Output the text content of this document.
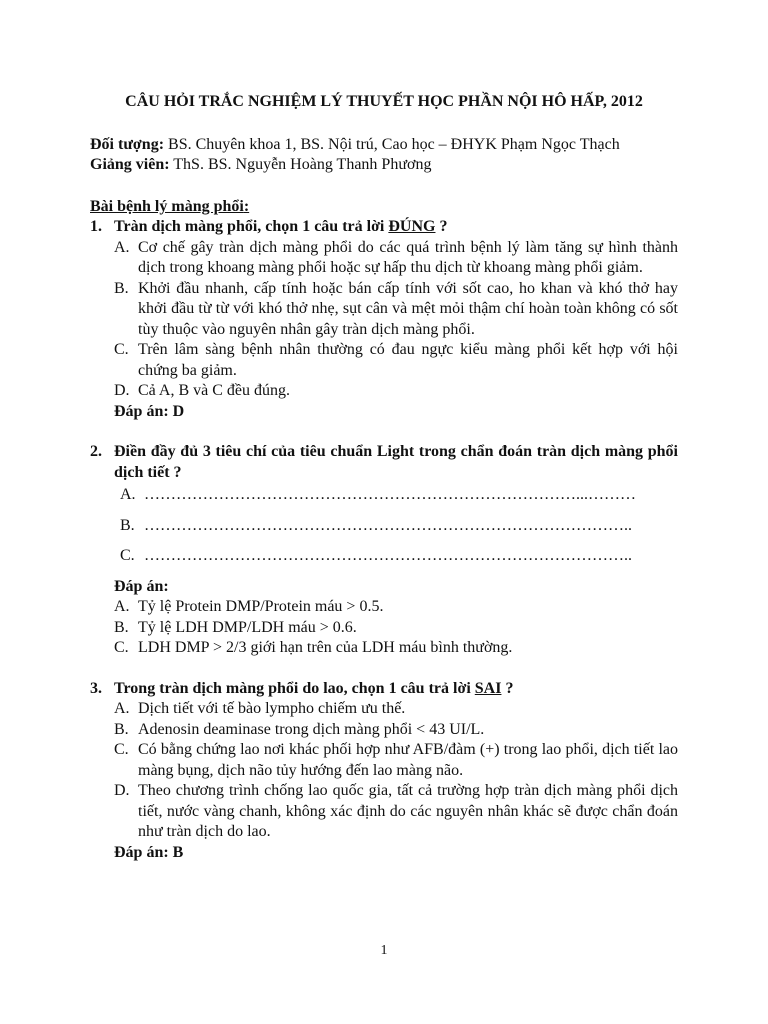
CÂU HỎI TRẮC NGHIỆM LÝ THUYẾT HỌC PHẦN NỘI HÔ HẤP, 2012

Đối tượng: BS. Chuyên khoa 1, BS. Nội trú, Cao học – ĐHYK Phạm Ngọc Thạch

Giảng viên: ThS. BS. Nguyễn Hoàng Thanh Phương

Bài bệnh lý màng phổi:
1. Tràn dịch màng phổi, chọn 1 câu trả lời ĐÚNG ?
A. Cơ chế gây tràn dịch màng phổi do các quá trình bệnh lý làm tăng sự hình thành dịch trong khoang màng phổi hoặc sự hấp thu dịch từ khoang màng phổi giảm.
B. Khởi đầu nhanh, cấp tính hoặc bán cấp tính với sốt cao, ho khan và khó thở hay khởi đầu từ từ với khó thở nhẹ, sụt cân và mệt mỏi thậm chí hoàn toàn không có sốt tùy thuộc vào nguyên nhân gây tràn dịch màng phổi.
C. Trên lâm sàng bệnh nhân thường có đau ngực kiểu màng phổi kết hợp với hội chứng ba giảm.
D. Cả A, B và C đều đúng.
Đáp án: D
2. Điền đầy đủ 3 tiêu chí của tiêu chuẩn Light trong chẩn đoán tràn dịch màng phổi dịch tiết ?
A. ………………………………………………………………………...………
B. ………………………………………………………………………………..
C. ………………………………………………………………………………..
Đáp án:
A. Tỷ lệ Protein DMP/Protein máu > 0.5.
B. Tỷ lệ LDH DMP/LDH máu > 0.6.
C. LDH DMP > 2/3 giới hạn trên của LDH máu bình thường.
3. Trong tràn dịch màng phổi do lao, chọn 1 câu trả lời SAI ?
A. Dịch tiết với tế bào lympho chiếm ưu thế.
B. Adenosin deaminase trong dịch màng phổi < 43 UI/L.
C. Có bằng chứng lao nơi khác phối hợp như AFB/đàm (+) trong lao phổi, dịch tiết lao màng bụng, dịch não tủy hướng đến lao màng não.
D. Theo chương trình chống lao quốc gia, tất cả trường hợp tràn dịch màng phổi dịch tiết, nước vàng chanh, không xác định do các nguyên nhân khác sẽ được chẩn đoán như tràn dịch do lao.
Đáp án: B
1
